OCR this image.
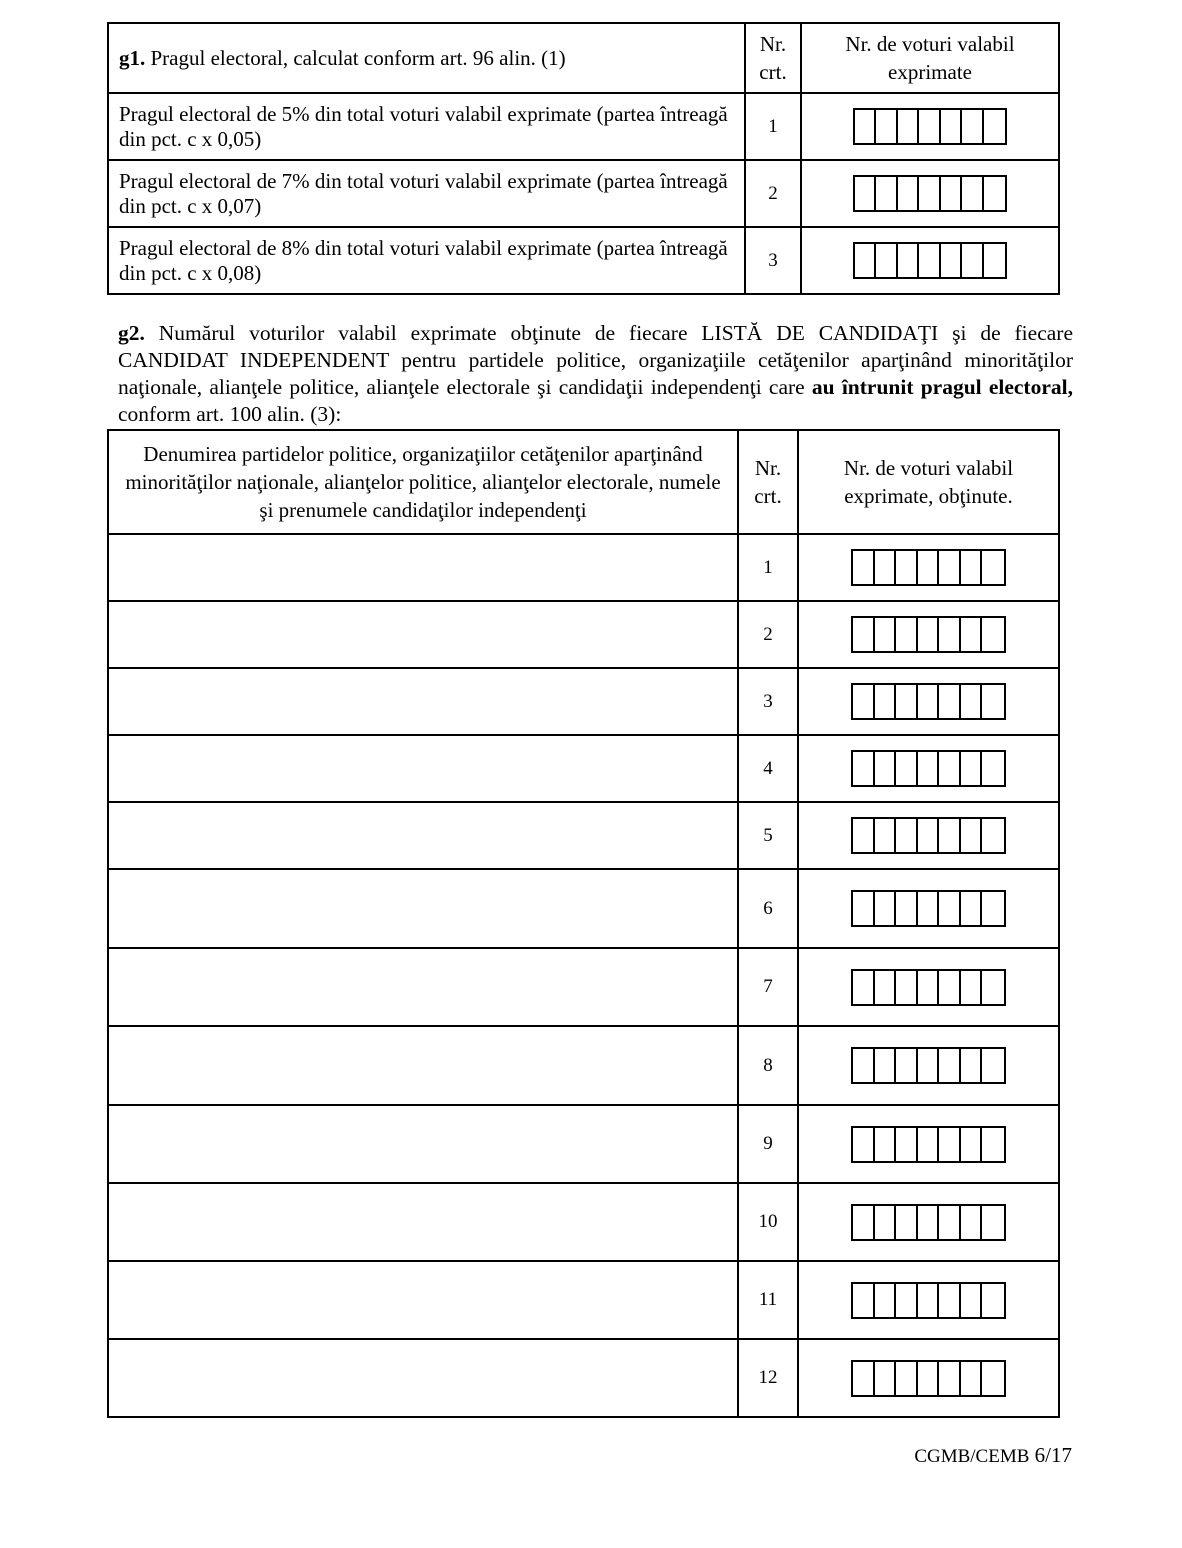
g1. Pragul electoral, calculat conform art. 96 alin. (1)	Nr. crt.	Nr. de voturi valabil exprimate
Pragul electoral de 5% din total voturi valabil exprimate (partea întreagă din pct. c x 0,05)	1	

Pragul electoral de 7% din total voturi valabil exprimate (partea întreagă din pct. c x 0,07)	2	

Pragul electoral de 8% din total voturi valabil exprimate (partea întreagă din pct. c x 0,08)	3	
g2. Numărul voturilor valabil exprimate obţinute de fiecare LISTĂ DE CANDIDAŢI şi de fiecare CANDIDAT INDEPENDENT pentru partidele politice, organizaţiile cetăţenilor aparţinând minorităţilor naţionale, alianţele politice, alianţele electorale şi candidaţii independenţi care au întrunit pragul electoral, conform art. 100 alin. (3):
Denumirea partidelor politice, organizaţiilor cetăţenilor aparţinând minorităţilor naţionale, alianţelor politice, alianţelor electorale, numele şi prenumele candidaţilor independenţi	Nr. crt.	Nr. de voturi valabil exprimate, obţinute.
	1	

	2	

	3	

	4	

	5	

	6	

	7	

	8	

	9	

	10	

	11	

	12	
CGMB/CEMB 6/17
